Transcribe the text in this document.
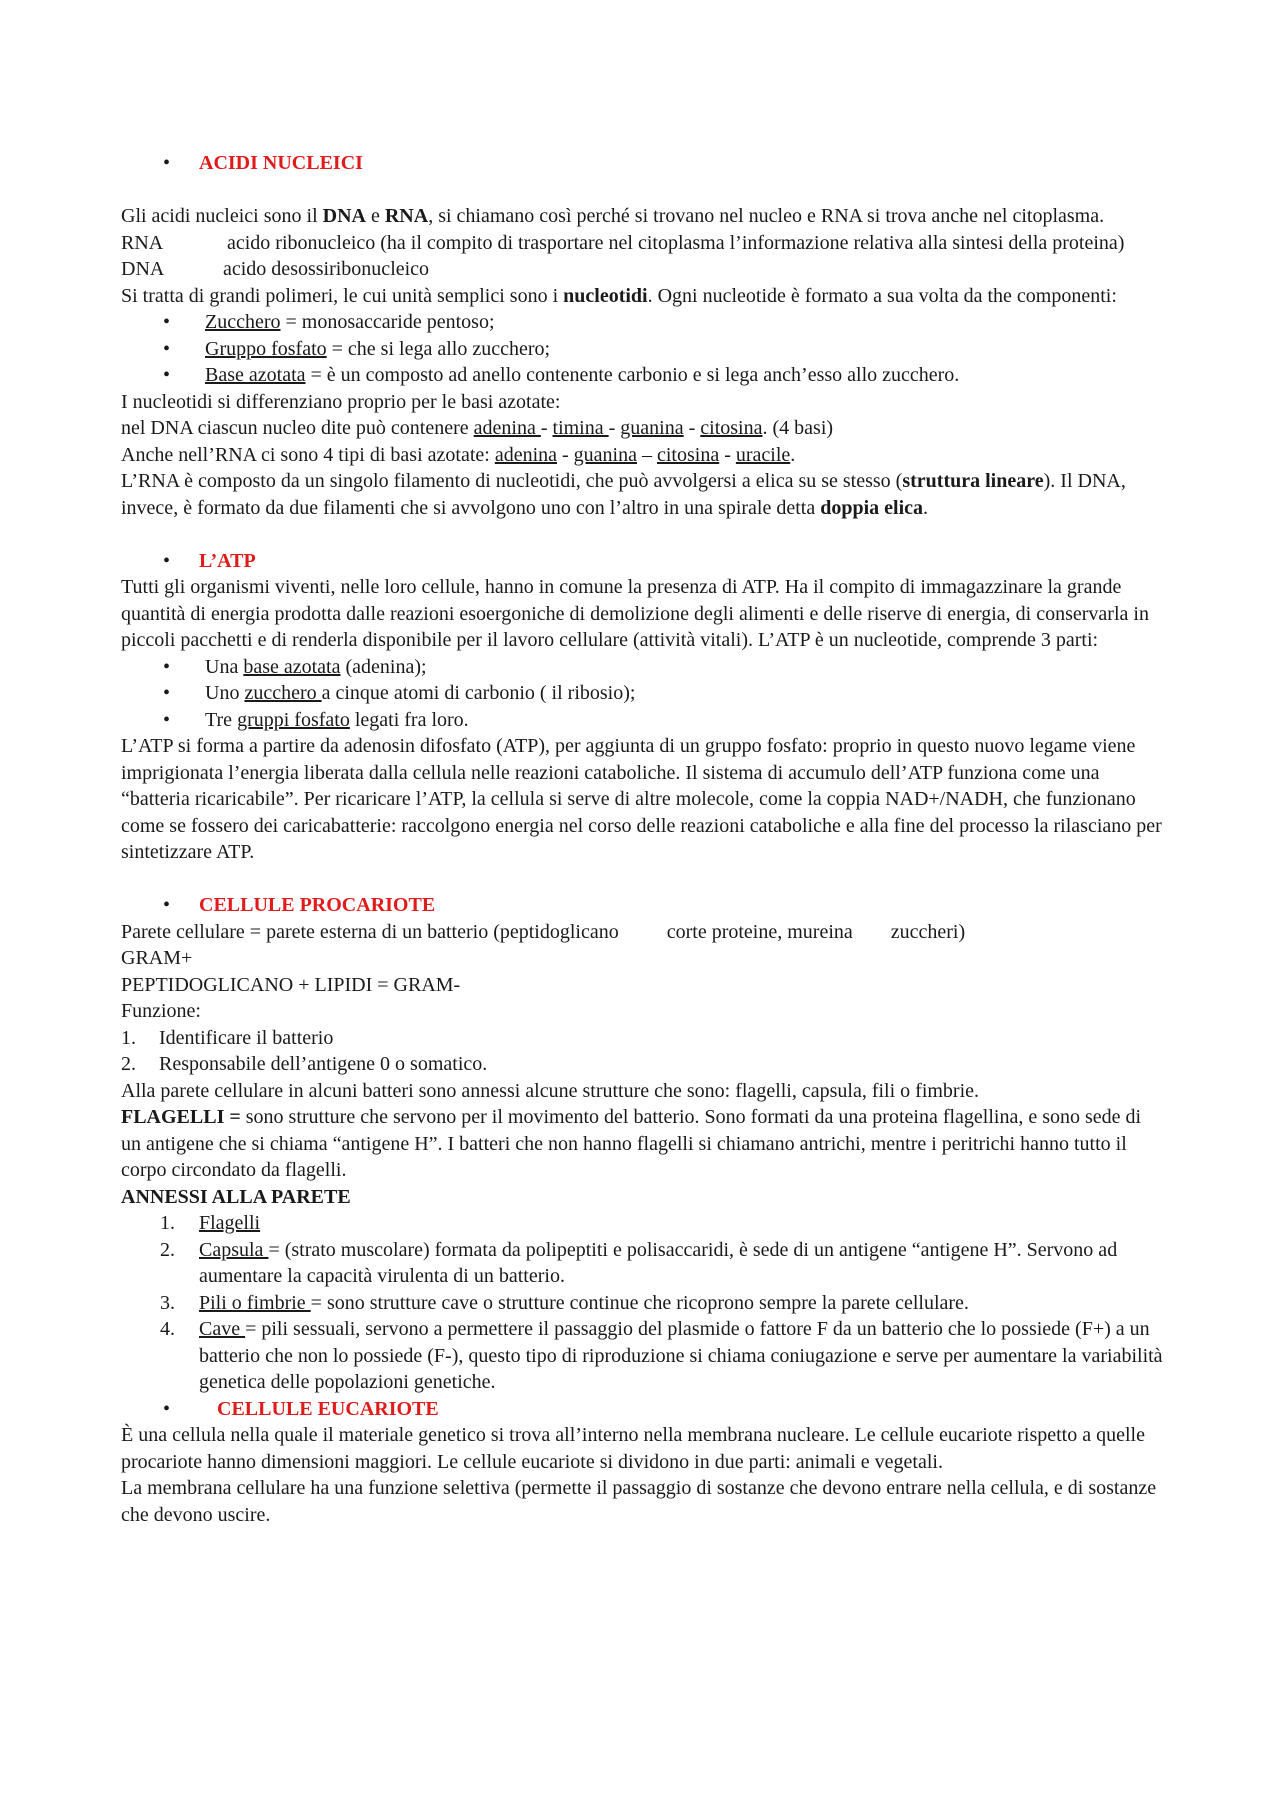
• ACIDI NUCLEICI

Gli acidi nucleici sono il DNA e RNA, si chiamano così perché si trovano nel nucleo e RNA si trova anche nel citoplasma.

RNA	acido ribonucleico (ha il compito di trasportare nel citoplasma l’informazione relativa alla sintesi della proteina)

DNA	acido desossiribonucleico

Si tratta di grandi polimeri, le cui unità semplici sono i nucleotidi. Ogni nucleotide è formato a sua volta da the componenti:

• Zucchero = monosaccaride pentoso;
• Gruppo fosfato = che si lega allo zucchero;
• Base azotata = è un composto ad anello contenente carbonio e si lega anch’esso allo zucchero.

I nucleotidi si differenziano proprio per le basi azotate:

nel DNA ciascun nucleo dite può contenere adenina - timina - guanina - citosina. (4 basi)

Anche nell’RNA ci sono 4 tipi di basi azotate: adenina - guanina – citosina - uracile.

L’RNA è composto da un singolo filamento di nucleotidi, che può avvolgersi a elica su se stesso (struttura lineare). Il DNA, invece, è formato da due filamenti che si avvolgono uno con l’altro in una spirale detta doppia elica.

• L’ATP

Tutti gli organismi viventi, nelle loro cellule, hanno in comune la presenza di ATP. Ha il compito di immagazzinare la grande quantità di energia prodotta dalle reazioni esoergoniche di demolizione degli alimenti e delle riserve di energia, di conservarla in piccoli pacchetti e di renderla disponibile per il lavoro cellulare (attività vitali). L’ATP è un nucleotide, comprende 3 parti:

• Una base azotata (adenina);
• Uno zucchero a cinque atomi di carbonio ( il ribosio);
• Tre gruppi fosfato legati fra loro.

L’ATP si forma a partire da adenosin difosfato (ATP), per aggiunta di un gruppo fosfato: proprio in questo nuovo legame viene imprigionata l’energia liberata dalla cellula nelle reazioni cataboliche. Il sistema di accumulo dell’ATP funziona come una “batteria ricaricabile”. Per ricaricare l’ATP, la cellula si serve di altre molecole, come la coppia NAD+/NADH, che funzionano come se fossero dei caricabatterie: raccolgono energia nel corso delle reazioni cataboliche e alla fine del processo la rilasciano per sintetizzare ATP.

• CELLULE PROCARIOTE

Parete cellulare = parete esterna di un batterio (peptidoglicano corte proteine, mureina zuccheri)

GRAM+

PEPTIDOGLICANO + LIPIDI = GRAM-

Funzione:

1. Identificare il batterio
2. Responsabile dell’antigene 0 o somatico.

Alla parete cellulare in alcuni batteri sono annessi alcune strutture che sono: flagelli, capsula, fili o fimbrie.

FLAGELLI = sono strutture che servono per il movimento del batterio. Sono formati da una proteina flagellina, e sono sede di un antigene che si chiama “antigene H”. I batteri che non hanno flagelli si chiamano antrichi, mentre i peritrichi hanno tutto il corpo circondato da flagelli.

ANNESSI ALLA PARETE

1. Flagelli
2. Capsula = (strato muscolare) formata da polipeptiti e polisaccaridi, è sede di un antigene “antigene H”. Servono ad aumentare la capacità virulenta di un batterio.
3. Pili o fimbrie = sono strutture cave o strutture continue che ricoprono sempre la parete cellulare.
4. Cave = pili sessuali, servono a permettere il passaggio del plasmide o fattore F da un batterio che lo possiede (F+) a un batterio che non lo possiede (F-), questo tipo di riproduzione si chiama coniugazione e serve per aumentare la variabilità genetica delle popolazioni genetiche.

• CELLULE EUCARIOTE

È una cellula nella quale il materiale genetico si trova all’interno nella membrana nucleare. Le cellule eucariote rispetto a quelle procariote hanno dimensioni maggiori. Le cellule eucariote si dividono in due parti: animali e vegetali.

La membrana cellulare ha una funzione selettiva (permette il passaggio di sostanze che devono entrare nella cellula, e di sostanze che devono uscire.
